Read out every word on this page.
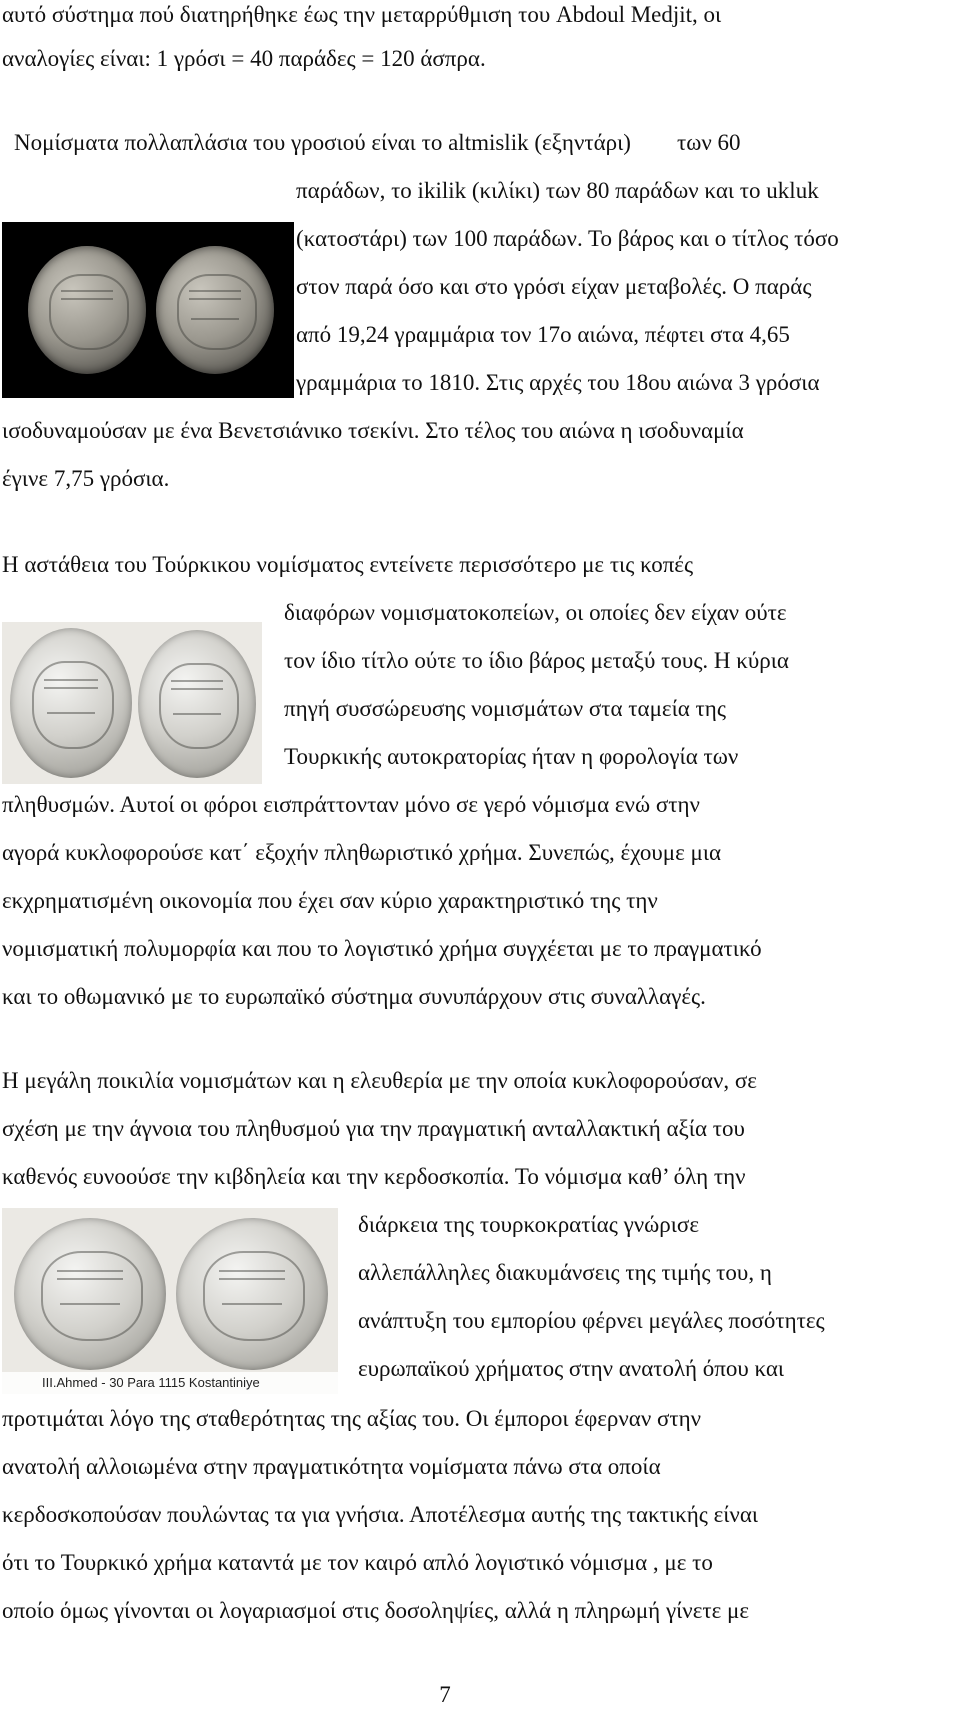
αυτό σύστημα πού διατηρήθηκε έως την μεταρρύθμιση του Abdoul Medjit, οι
αναλογίες είναι: 1 γρόσι = 40 παράδες = 120 άσπρα.
Νομίσματα πολλαπλάσια του γροσιού είναι το altmislik (εξηντάρι)        των 60
παράδων, το ikilik (κιλίκι) των 80 παράδων και το ukluk
(κατοστάρι) των 100 παράδων. Το βάρος και ο τίτλος τόσο
στον παρά όσο και στο γρόσι είχαν μεταβολές. Ο παράς
από 19,24 γραμμάρια τον 17ο αιώνα, πέφτει στα 4,65
γραμμάρια το 1810. Στις αρχές του 18ου αιώνα 3 γρόσια
ισοδυναμούσαν με ένα Βενετσιάνικο τσεκίνι. Στο τέλος του αιώνα η ισοδυναμία
έγινε 7,75 γρόσια.
Η αστάθεια του Τούρκικου νομίσματος εντείνετε περισσότερο με τις κοπές
διαφόρων νομισματοκοπείων, οι οποίες δεν είχαν ούτε
τον ίδιο τίτλο ούτε το ίδιο βάρος μεταξύ τους. Η κύρια
πηγή συσσώρευσης νομισμάτων στα ταμεία της
Τουρκικής αυτοκρατορίας ήταν η φορολογία των
πληθυσμών. Αυτοί οι φόροι εισπράττονταν μόνο σε γερό νόμισμα ενώ στην
αγορά κυκλοφορούσε κατ΄ εξοχήν πληθωριστικό χρήμα. Συνεπώς, έχουμε μια
εκχρηματισμένη οικονομία που έχει σαν κύριο χαρακτηριστικό της την
νομισματική πολυμορφία και που το λογιστικό χρήμα συγχέεται με το πραγματικό
και το οθωμανικό με το ευρωπαϊκό σύστημα συνυπάρχουν στις συναλλαγές.
Η μεγάλη ποικιλία νομισμάτων και η ελευθερία με την οποία κυκλοφορούσαν, σε
σχέση με την άγνοια του πληθυσμού για την πραγματική ανταλλακτική αξία του
καθενός ευνοούσε την κιβδηλεία και την κερδοσκοπία. Το νόμισμα καθ’ όλη την
διάρκεια της τουρκοκρατίας γνώρισε
αλλεπάλληλες διακυμάνσεις της τιμής του, η
ανάπτυξη του εμπορίου φέρνει μεγάλες ποσότητες
ευρωπαϊκού χρήματος στην ανατολή όπου και
προτιμάται λόγο της σταθερότητας της αξίας του. Οι έμποροι έφερναν στην
ανατολή αλλοιωμένα στην πραγματικότητα νομίσματα πάνω στα οποία
κερδοσκοπούσαν πουλώντας τα για γνήσια. Αποτέλεσμα αυτής της τακτικής είναι
ότι το Τουρκικό χρήμα καταντά με τον καιρό απλό λογιστικό νόμισμα , με το
οποίο όμως γίνονται οι λογαριασμοί στις δοσοληψίες, αλλά η πληρωμή γίνετε με
III.Ahmed - 30 Para 1115 Kostantiniye
7
